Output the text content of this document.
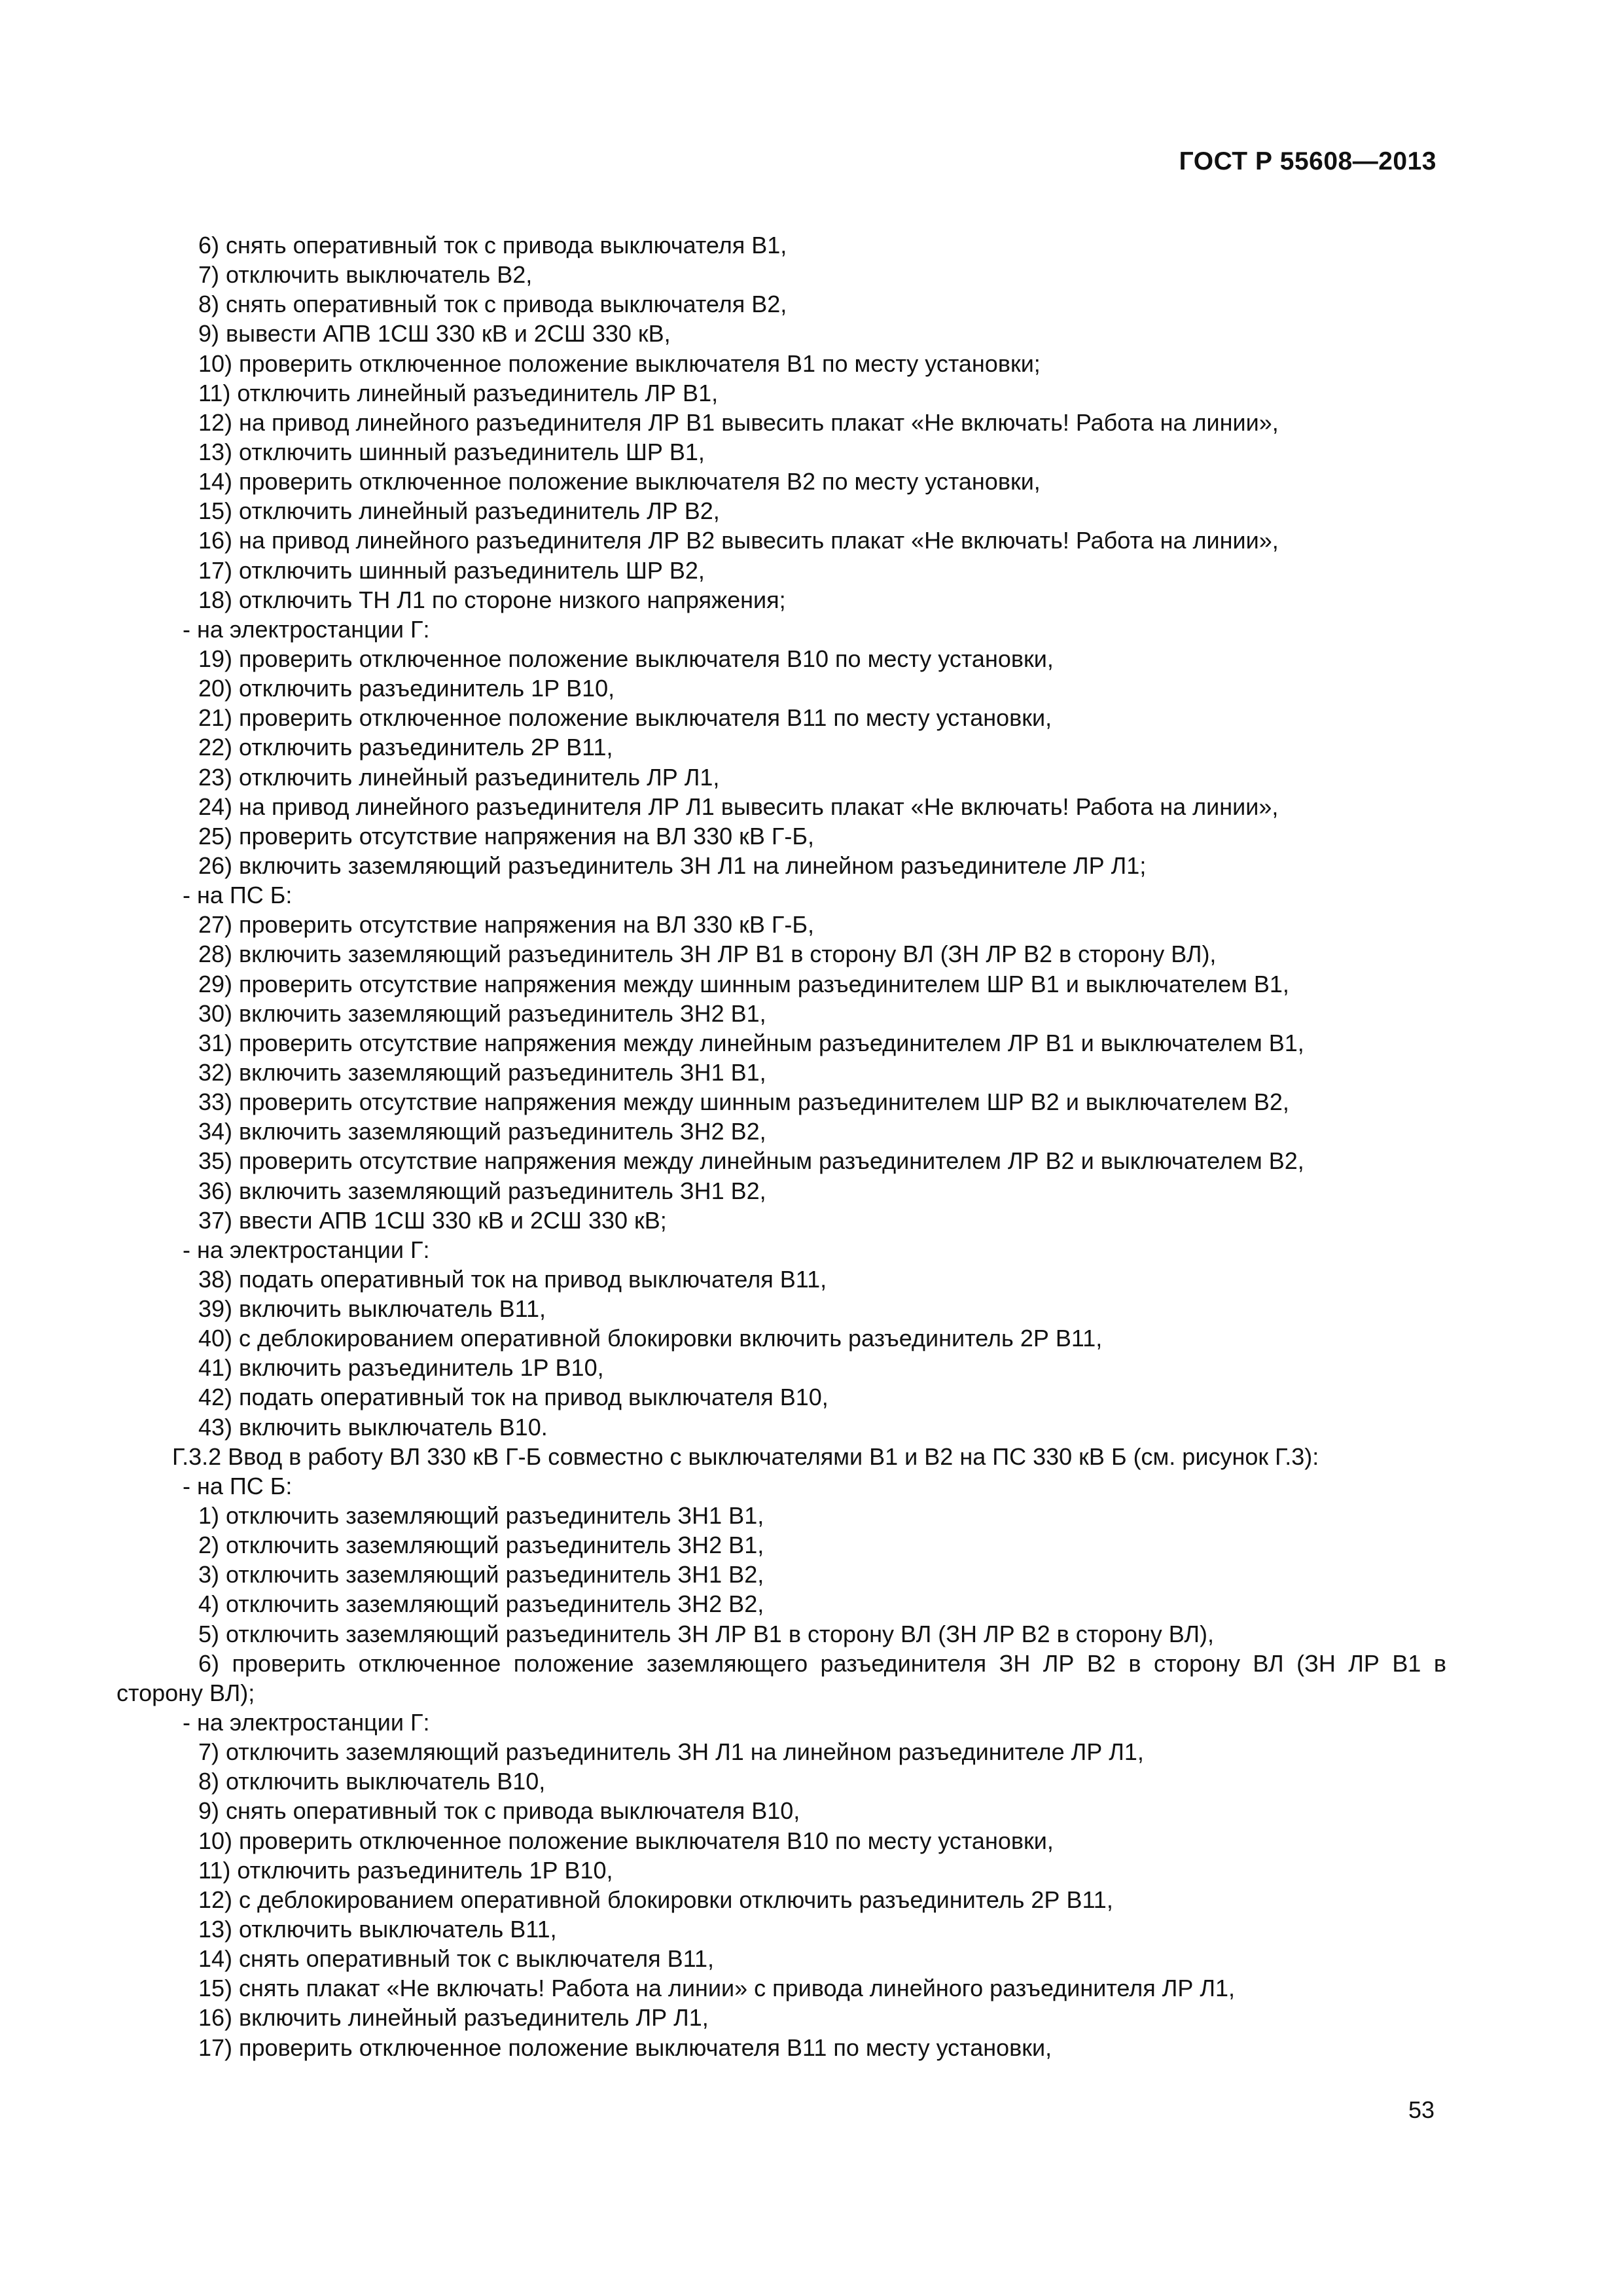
ГОСТ Р 55608—2013
6) снять оперативный ток с привода выключателя В1,
7) отключить выключатель В2,
8) снять оперативный ток с привода выключателя В2,
9) вывести АПВ 1СШ 330 кВ и 2СШ 330 кВ,
10) проверить отключенное положение выключателя В1 по месту установки;
11) отключить линейный разъединитель ЛР В1,
12) на привод линейного разъединителя ЛР В1 вывесить плакат «Не включать! Работа на линии»,
13) отключить шинный разъединитель ШР В1,
14) проверить отключенное положение выключателя В2 по месту установки,
15) отключить линейный разъединитель ЛР В2,
16) на привод линейного разъединителя ЛР В2 вывесить плакат «Не включать! Работа на линии»,
17) отключить шинный разъединитель ШР В2,
18) отключить ТН Л1 по стороне низкого напряжения;
- на электростанции Г:
19) проверить отключенное положение выключателя В10 по месту установки,
20) отключить разъединитель 1Р В10,
21) проверить отключенное положение выключателя В11 по месту установки,
22) отключить разъединитель 2Р В11,
23) отключить линейный разъединитель ЛР Л1,
24) на привод линейного разъединителя ЛР Л1 вывесить плакат «Не включать! Работа на линии»,
25) проверить отсутствие напряжения на ВЛ 330 кВ Г-Б,
26) включить заземляющий разъединитель ЗН Л1 на линейном разъединителе ЛР Л1;
- на ПС Б:
27) проверить отсутствие напряжения на ВЛ 330 кВ Г-Б,
28) включить заземляющий разъединитель ЗН ЛР В1 в сторону ВЛ (ЗН ЛР В2 в сторону ВЛ),
29) проверить отсутствие напряжения между шинным разъединителем ШР В1 и выключателем В1,
30) включить заземляющий разъединитель ЗН2 В1,
31) проверить отсутствие напряжения между линейным разъединителем ЛР В1 и выключателем В1,
32) включить заземляющий разъединитель ЗН1 В1,
33) проверить отсутствие напряжения между шинным разъединителем ШР В2 и выключателем В2,
34) включить заземляющий разъединитель ЗН2 В2,
35) проверить отсутствие напряжения между линейным разъединителем ЛР В2 и выключателем В2,
36) включить заземляющий разъединитель ЗН1 В2,
37) ввести АПВ 1СШ 330 кВ и 2СШ 330 кВ;
- на электростанции Г:
38) подать оперативный ток на привод выключателя В11,
39) включить выключатель В11,
40) с деблокированием оперативной блокировки включить разъединитель 2Р В11,
41) включить разъединитель 1Р В10,
42) подать оперативный ток на привод выключателя В10,
43) включить выключатель В10.
Г.3.2 Ввод в работу ВЛ 330 кВ Г-Б совместно с выключателями В1 и В2 на ПС 330 кВ Б (см. рисунок Г.3):
- на ПС Б:
1) отключить заземляющий разъединитель ЗН1 В1,
2) отключить заземляющий разъединитель ЗН2 В1,
3) отключить заземляющий разъединитель ЗН1 В2,
4) отключить заземляющий разъединитель ЗН2 В2,
5) отключить заземляющий разъединитель ЗН ЛР В1 в сторону ВЛ (ЗН ЛР В2 в сторону ВЛ),
6) проверить отключенное положение заземляющего разъединителя ЗН ЛР В2 в сторону ВЛ (ЗН ЛР В1 в
сторону ВЛ);
- на электростанции Г:
7) отключить заземляющий разъединитель ЗН Л1 на линейном разъединителе ЛР Л1,
8) отключить выключатель В10,
9) снять оперативный ток с привода выключателя В10,
10) проверить отключенное положение выключателя В10 по месту установки,
11) отключить разъединитель 1Р В10,
12) с деблокированием оперативной блокировки отключить разъединитель 2Р В11,
13) отключить выключатель В11,
14) снять оперативный ток с выключателя В11,
15) снять плакат «Не включать! Работа на линии» с привода линейного разъединителя ЛР Л1,
16) включить линейный разъединитель ЛР Л1,
17) проверить отключенное положение выключателя В11 по месту установки,
53
